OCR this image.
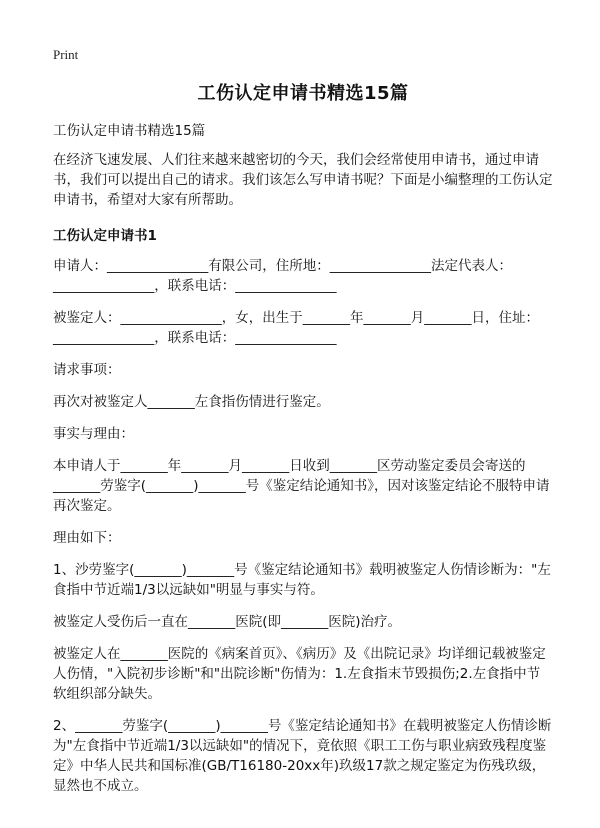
Print
工伤认定申请书精选15篇

工伤认定申请书精选15篇

在经济飞速发展、人们往来越来越密切的今天，我们会经常使用申请书，通过申请书，我们可以提出自己的请求。我们该怎么写申请书呢？下面是小编整理的工伤认定申请书，希望对大家有所帮助。

工伤认定申请书1

申请人：_______________有限公司，住所地：_______________法定代表人：_______________，联系电话：_______________

被鉴定人：_______________，女，出生于_______年_______月_______日，住址：_______________，联系电话：_______________

请求事项：

再次对被鉴定人_______左食指伤情进行鉴定。

事实与理由：

本申请人于_______年_______月_______日收到_______区劳动鉴定委员会寄送的_______劳鉴字(_______)_______号《鉴定结论通知书》，因对该鉴定结论不服特申请再次鉴定。

理由如下：

1、沙劳鉴字(_______)_______号《鉴定结论通知书》载明被鉴定人伤情诊断为："左食指中节近端1/3以远缺如"明显与事实与符。

被鉴定人受伤后一直在_______医院(即_______医院)治疗。

被鉴定人在_______医院的《病案首页》、《病历》及《出院记录》均详细记载被鉴定人伤情，"入院初步诊断"和"出院诊断"伤情为：1.左食指末节毁损伤;2.左食指中节软组织部分缺失。

2、_______劳鉴字(_______)_______号《鉴定结论通知书》在载明被鉴定人伤情诊断为"左食指中节近端1/3以远缺如"的情况下，竟依照《职工工伤与职业病致残程度鉴定》中华人民共和国标准(GB/T16180-20xx年)玖级17款之规定鉴定为伤残玖级，显然也不成立。
